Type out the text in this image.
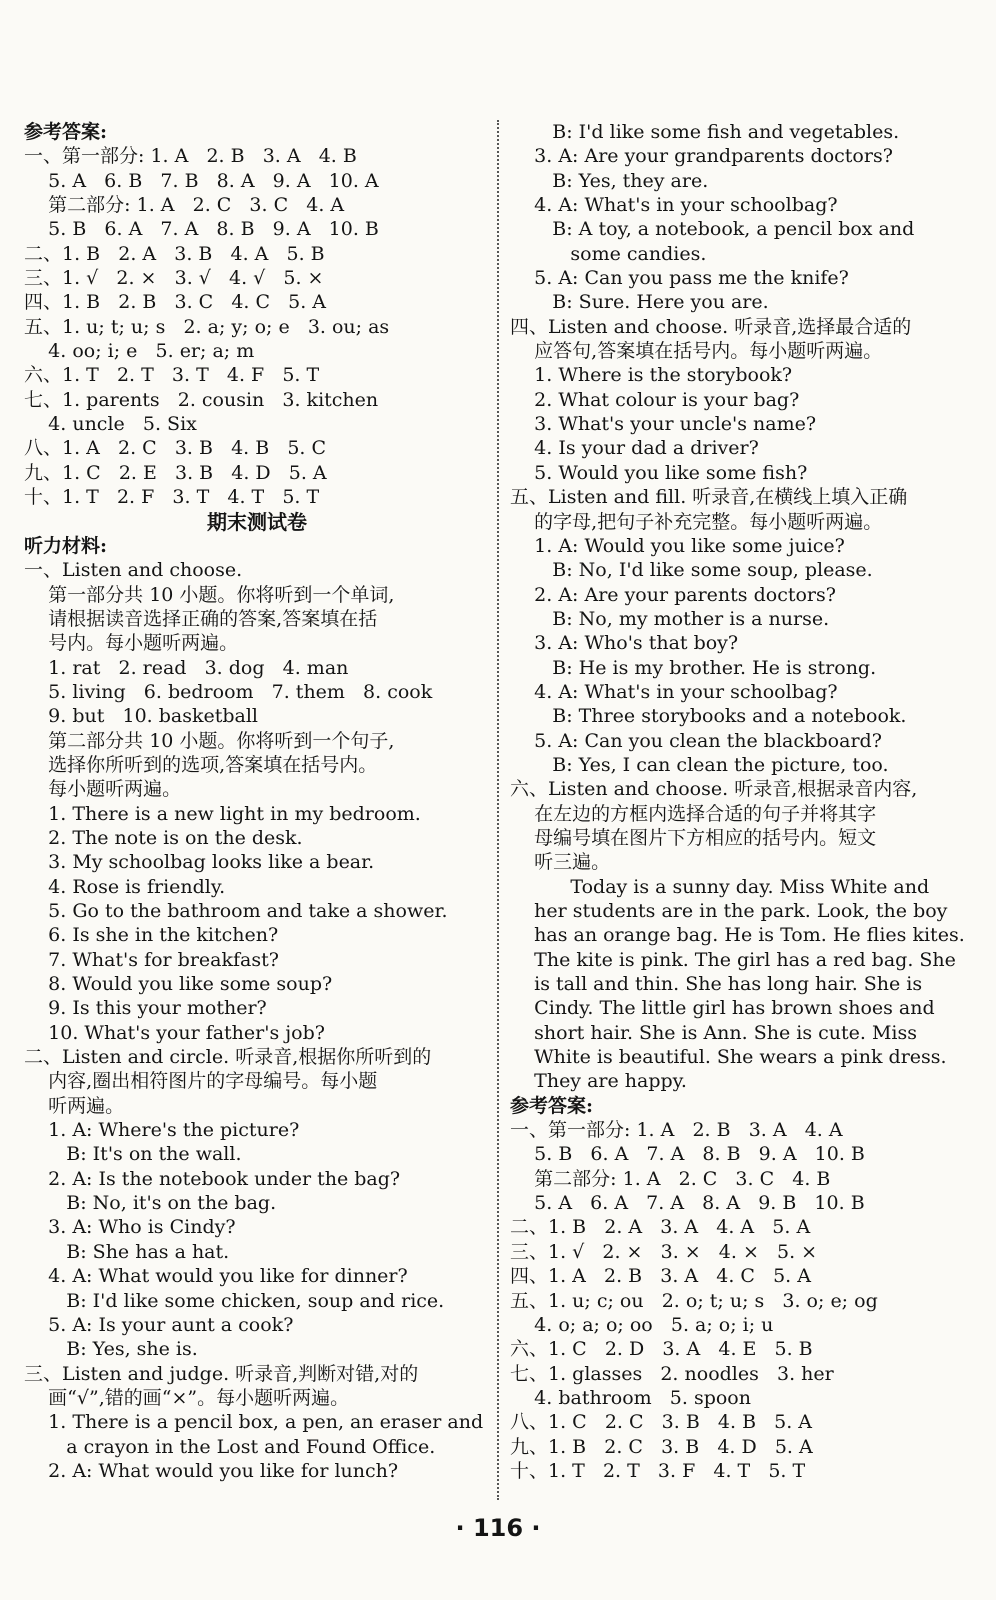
参考答案:
一、第一部分: 1. A   2. B   3. A   4. B
5. A   6. B   7. B   8. A   9. A   10. A
第二部分: 1. A   2. C   3. C   4. A
5. B   6. A   7. A   8. B   9. A   10. B
二、1. B   2. A   3. B   4. A   5. B
三、1. √   2. ×   3. √   4. √   5. ×
四、1. B   2. B   3. C   4. C   5. A
五、1. u; t; u; s   2. a; y; o; e   3. ou; as
4. oo; i; e   5. er; a; m
六、1. T   2. T   3. T   4. F   5. T
七、1. parents   2. cousin   3. kitchen
4. uncle   5. Six
八、1. A   2. C   3. B   4. B   5. C
九、1. C   2. E   3. B   4. D   5. A
十、1. T   2. F   3. T   4. T   5. T
期末测试卷
听力材料:
一、Listen and choose.
第一部分共 10 小题。你将听到一个单词,
请根据读音选择正确的答案,答案填在括
号内。每小题听两遍。
1. rat   2. read   3. dog   4. man
5. living   6. bedroom   7. them   8. cook
9. but   10. basketball
第二部分共 10 小题。你将听到一个句子,
选择你所听到的选项,答案填在括号内。
每小题听两遍。
1. There is a new light in my bedroom.
2. The note is on the desk.
3. My schoolbag looks like a bear.
4. Rose is friendly.
5. Go to the bathroom and take a shower.
6. Is she in the kitchen?
7. What's for breakfast?
8. Would you like some soup?
9. Is this your mother?
10. What's your father's job?
二、Listen and circle. 听录音,根据你所听到的
内容,圈出相符图片的字母编号。每小题
听两遍。
1. A: Where's the picture?
B: It's on the wall.
2. A: Is the notebook under the bag?
B: No, it's on the bag.
3. A: Who is Cindy?
B: She has a hat.
4. A: What would you like for dinner?
B: I'd like some chicken, soup and rice.
5. A: Is your aunt a cook?
B: Yes, she is.
三、Listen and judge. 听录音,判断对错,对的
画“√”,错的画“×”。每小题听两遍。
1. There is a pencil box, a pen, an eraser and
a crayon in the Lost and Found Office.
2. A: What would you like for lunch?
B: I'd like some fish and vegetables.
3. A: Are your grandparents doctors?
B: Yes, they are.
4. A: What's in your schoolbag?
B: A toy, a notebook, a pencil box and
some candies.
5. A: Can you pass me the knife?
B: Sure. Here you are.
四、Listen and choose. 听录音,选择最合适的
应答句,答案填在括号内。每小题听两遍。
1. Where is the storybook?
2. What colour is your bag?
3. What's your uncle's name?
4. Is your dad a driver?
5. Would you like some fish?
五、Listen and fill. 听录音,在横线上填入正确
的字母,把句子补充完整。每小题听两遍。
1. A: Would you like some juice?
B: No, I'd like some soup, please.
2. A: Are your parents doctors?
B: No, my mother is a nurse.
3. A: Who's that boy?
B: He is my brother. He is strong.
4. A: What's in your schoolbag?
B: Three storybooks and a notebook.
5. A: Can you clean the blackboard?
B: Yes, I can clean the picture, too.
六、Listen and choose. 听录音,根据录音内容,
在左边的方框内选择合适的句子并将其字
母编号填在图片下方相应的括号内。短文
听三遍。
Today is a sunny day. Miss White and
her students are in the park. Look, the boy
has an orange bag. He is Tom. He flies kites.
The kite is pink. The girl has a red bag. She
is tall and thin. She has long hair. She is
Cindy. The little girl has brown shoes and
short hair. She is Ann. She is cute. Miss
White is beautiful. She wears a pink dress.
They are happy.
参考答案:
一、第一部分: 1. A   2. B   3. A   4. A
5. B   6. A   7. A   8. B   9. A   10. B
第二部分: 1. A   2. C   3. C   4. B
5. A   6. A   7. A   8. A   9. B   10. B
二、1. B   2. A   3. A   4. A   5. A
三、1. √   2. ×   3. ×   4. ×   5. ×
四、1. A   2. B   3. A   4. C   5. A
五、1. u; c; ou   2. o; t; u; s   3. o; e; og
4. o; a; o; oo   5. a; o; i; u
六、1. C   2. D   3. A   4. E   5. B
七、1. glasses   2. noodles   3. her
4. bathroom   5. spoon
八、1. C   2. C   3. B   4. B   5. A
九、1. B   2. C   3. B   4. D   5. A
十、1. T   2. T   3. F   4. T   5. T
· 116 ·
